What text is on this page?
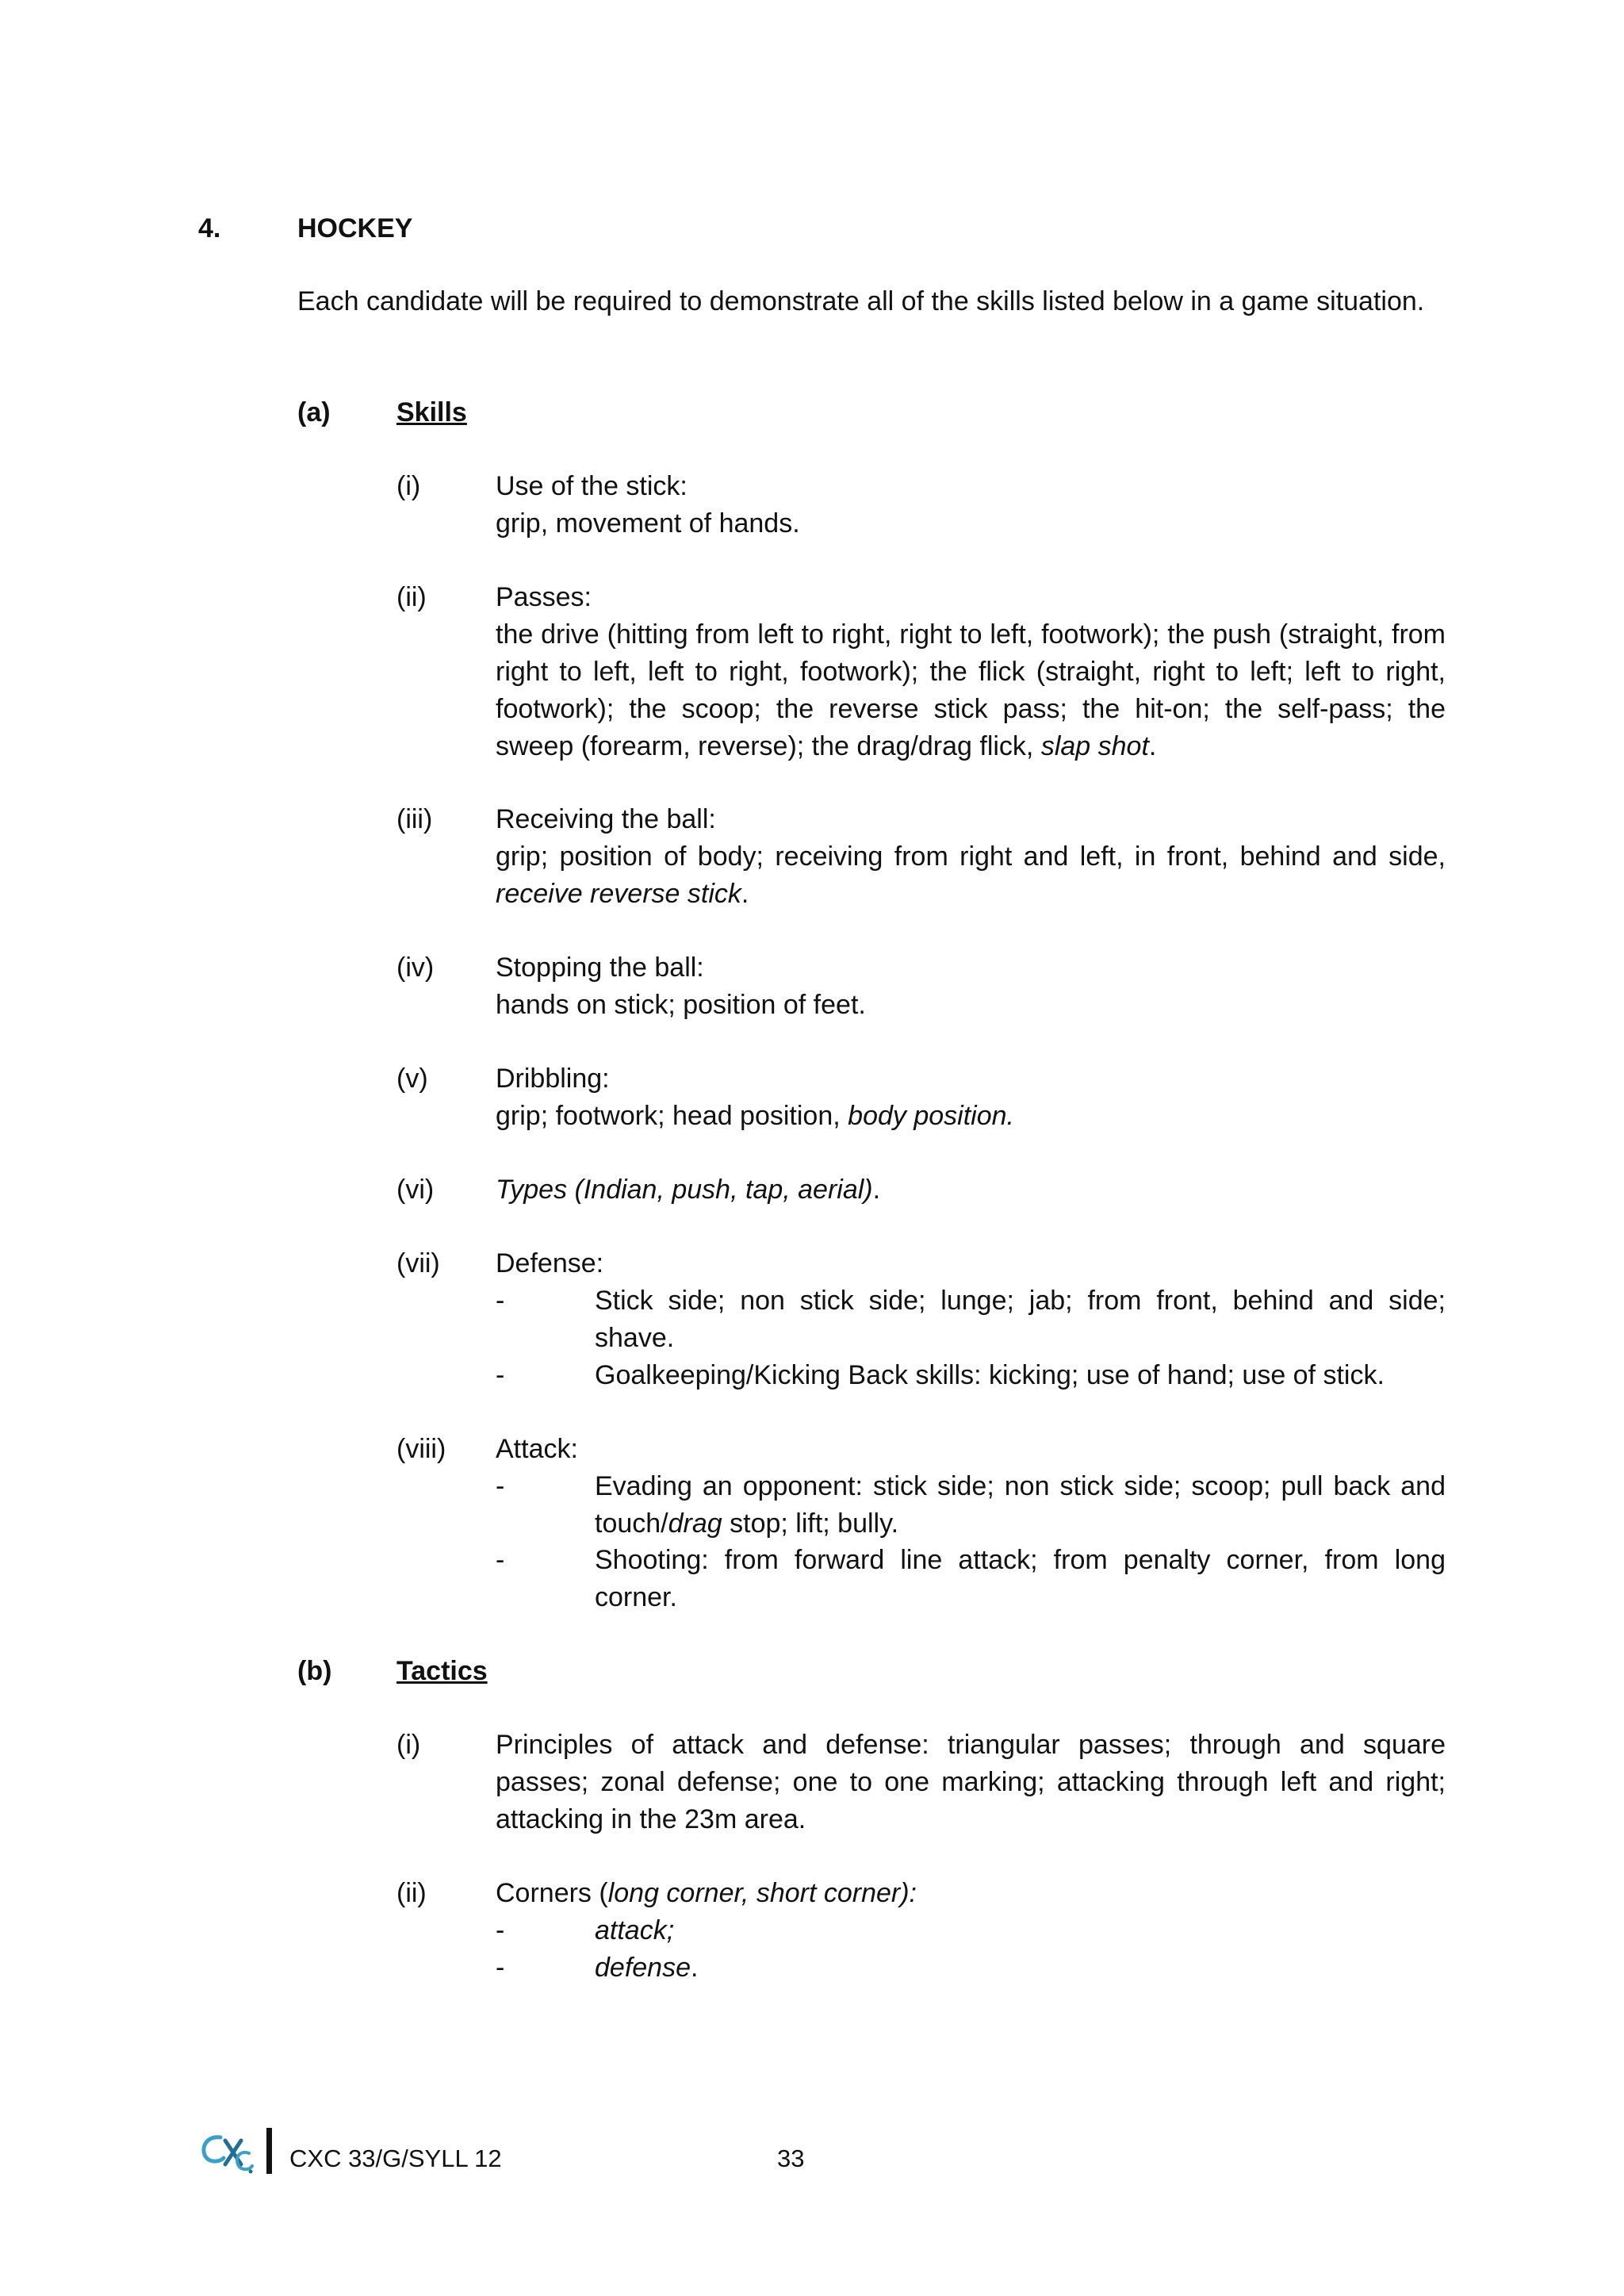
4.	HOCKEY
Each candidate will be required to demonstrate all of the skills listed below in a game situation.
(a) Skills
(i)	Use of the stick:
grip, movement of hands.
(ii)	Passes:
the drive (hitting from left to right, right to left, footwork); the push (straight, from right to left, left to right, footwork); the flick (straight, right to left; left to right, footwork); the scoop; the reverse stick pass; the hit-on; the self-pass; the sweep (forearm, reverse); the drag/drag flick, slap shot.
(iii) Receiving the ball:
grip; position of body; receiving from right and left, in front, behind and side, receive reverse stick.
(iv) Stopping the ball:
hands on stick; position of feet.
(v)	Dribbling:
grip; footwork; head position, body position.
(vi) Types (Indian, push, tap, aerial).
(vii) Defense:
-	Stick side; non stick side; lunge; jab; from front, behind and side; shave.
-	Goalkeeping/Kicking Back skills: kicking; use of hand; use of stick.
(viii) Attack:
-	Evading an opponent: stick side; non stick side; scoop; pull back and touch/drag stop; lift; bully.
-	Shooting: from forward line attack; from penalty corner, from long corner.
(b) Tactics
(i)	Principles of attack and defense: triangular passes; through and square passes; zonal defense; one to one marking; attacking through left and right; attacking in the 23m area.
(ii)	Corners (long corner, short corner):
-	attack;
-	defense.
CXC 33/G/SYLL 12	33
